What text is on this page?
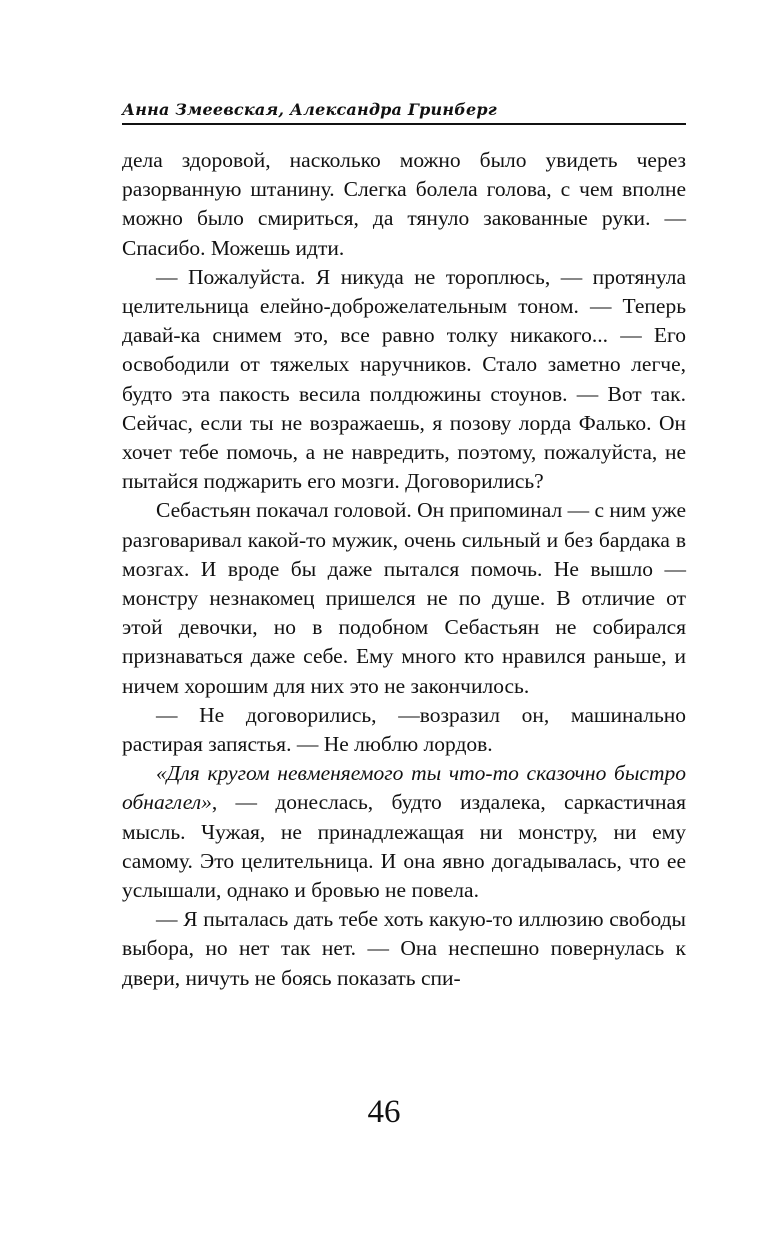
Анна Змеевская, Александра Гринберг

дела здоровой, насколько можно было увидеть через разорванную штанину. Слегка болела голова, с чем вполне можно было смириться, да тянуло закованные руки. — Спасибо. Можешь идти.

— Пожалуйста. Я никуда не тороплюсь, — протянула целительница елейно-доброжелательным тоном. — Теперь давай-ка снимем это, все равно толку никакого... — Его освободили от тяжелых наручников. Стало заметно легче, будто эта пакость весила полдюжины стоунов. — Вот так. Сейчас, если ты не возражаешь, я позову лорда Фалько. Он хочет тебе помочь, а не навредить, поэтому, пожалуйста, не пытайся поджарить его мозги. Договорились?

Себастьян покачал головой. Он припоминал — с ним уже разговаривал какой-то мужик, очень сильный и без бардака в мозгах. И вроде бы даже пытался помочь. Не вышло — монстру незнакомец пришелся не по душе. В отличие от этой девочки, но в подобном Себастьян не собирался признаваться даже себе. Ему много кто нравился раньше, и ничем хорошим для них это не закончилось.

— Не договорились, —возразил он, машинально растирая запястья. — Не люблю лордов.

«Для кругом невменяемого ты что-то сказочно быстро обнаглел», — донеслась, будто издалека, саркастичная мысль. Чужая, не принадлежащая ни монстру, ни ему самому. Это целительница. И она явно догадывалась, что ее услышали, однако и бровью не повела.

— Я пыталась дать тебе хоть какую-то иллюзию свободы выбора, но нет так нет. — Она неспешно повернулась к двери, ничуть не боясь показать спи-

46
